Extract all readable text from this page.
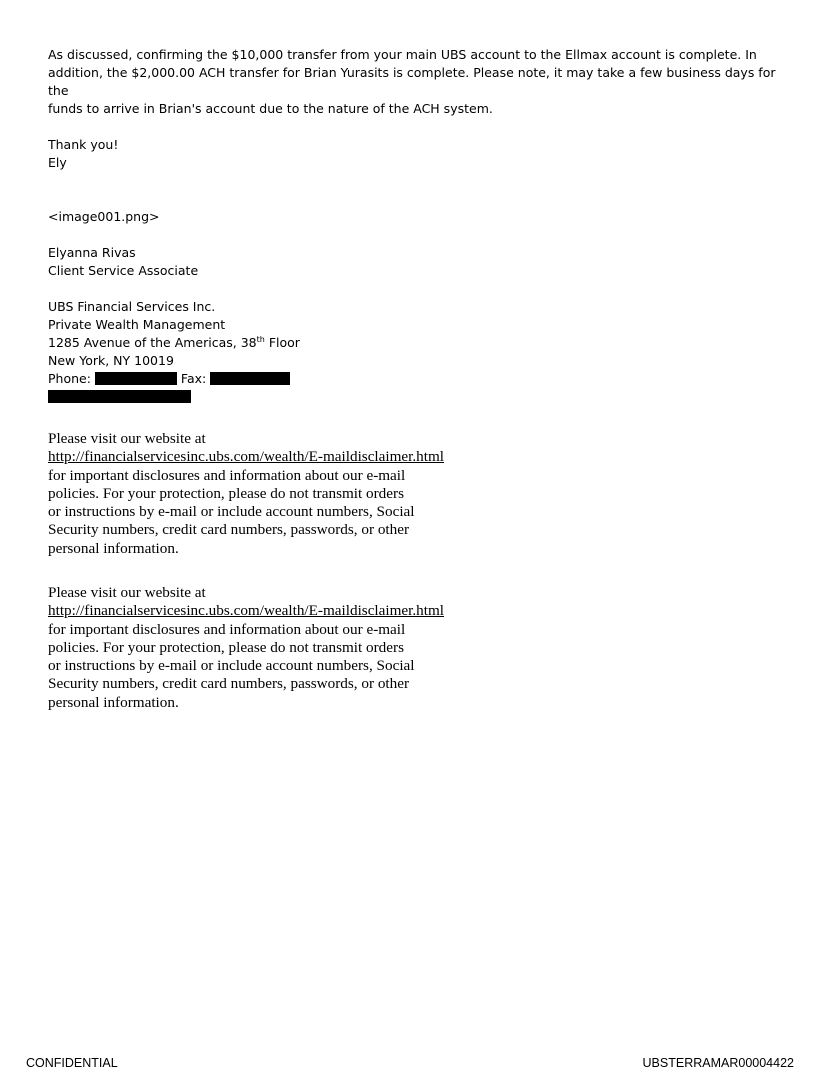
As discussed, confirming the $10,000 transfer from your main UBS account to the Ellmax account is complete. In

addition, the $2,000.00 ACH transfer for Brian Yurasits is complete. Please note, it may take a few business days for the

funds to arrive in Brian's account due to the nature of the ACH system.

Thank you!

Ely

<image001.png>

Elyanna Rivas

Client Service Associate

UBS Financial Services Inc.

Private Wealth Management

1285 Avenue of the Americas, 38th Floor

New York, NY 10019

Phone:	Fax:

Please visit our website at
http://financialservicesinc.ubs.com/wealth/E-maildisclaimer.html
for important disclosures and information about our e-mail
policies. For your protection, please do not transmit orders
or instructions by e-mail or include account numbers, Social
Security numbers, credit card numbers, passwords, or other
personal information.
Please visit our website at
http://financialservicesinc.ubs.com/wealth/E-maildisclaimer.html
for important disclosures and information about our e-mail
policies. For your protection, please do not transmit orders
or instructions by e-mail or include account numbers, Social
Security numbers, credit card numbers, passwords, or other
personal information.
CONFIDENTIAL	UBSTERRAMAR00004422
